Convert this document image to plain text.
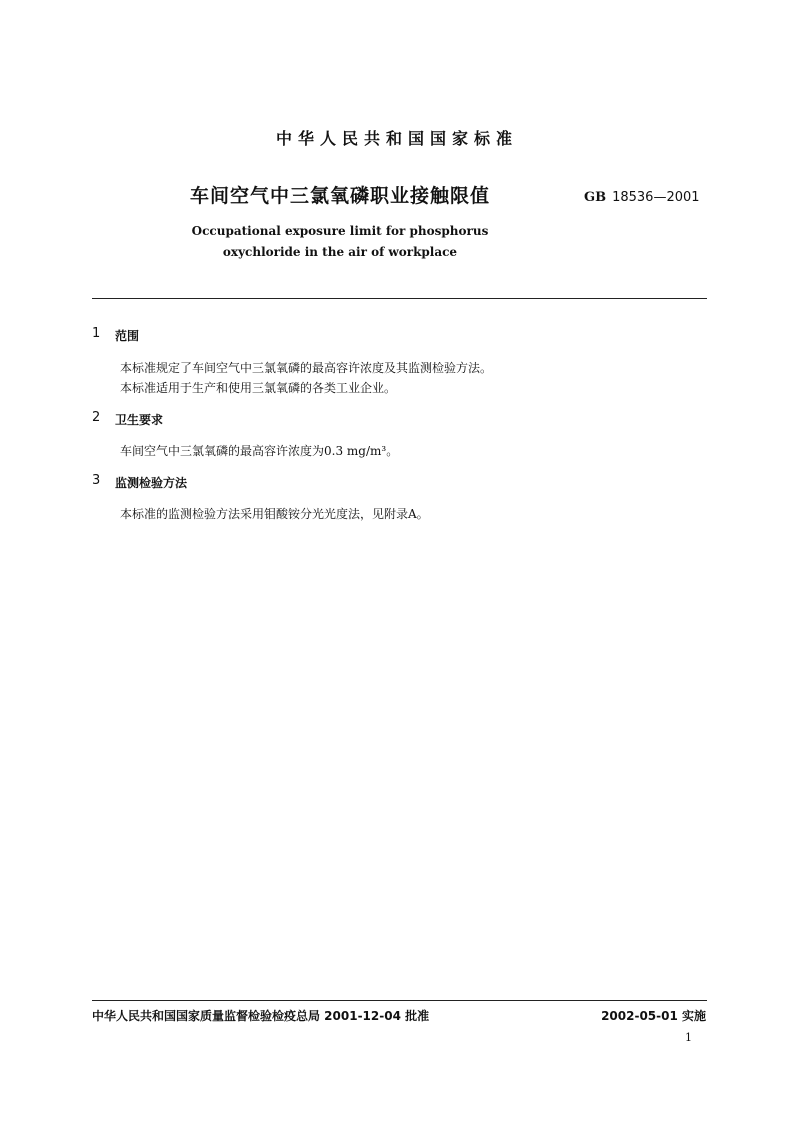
中华人民共和国国家标准
车间空气中三氯氧磷职业接触限值	GB 18536—2001
Occupational exposure limit for phosphorus
oxychloride in the air of workplace
1 范围
本标准规定了车间空气中三氯氧磷的最高容许浓度及其监测检验方法。
本标准适用于生产和使用三氯氧磷的各类工业企业。
2 卫生要求
车间空气中三氯氧磷的最高容许浓度为0.3 mg/m³。
3 监测检验方法
本标准的监测检验方法采用钼酸铵分光光度法，见附录A。
中华人民共和国国家质量监督检验检疫总局 2001-12-04 批准	2002-05-01 实施
1
